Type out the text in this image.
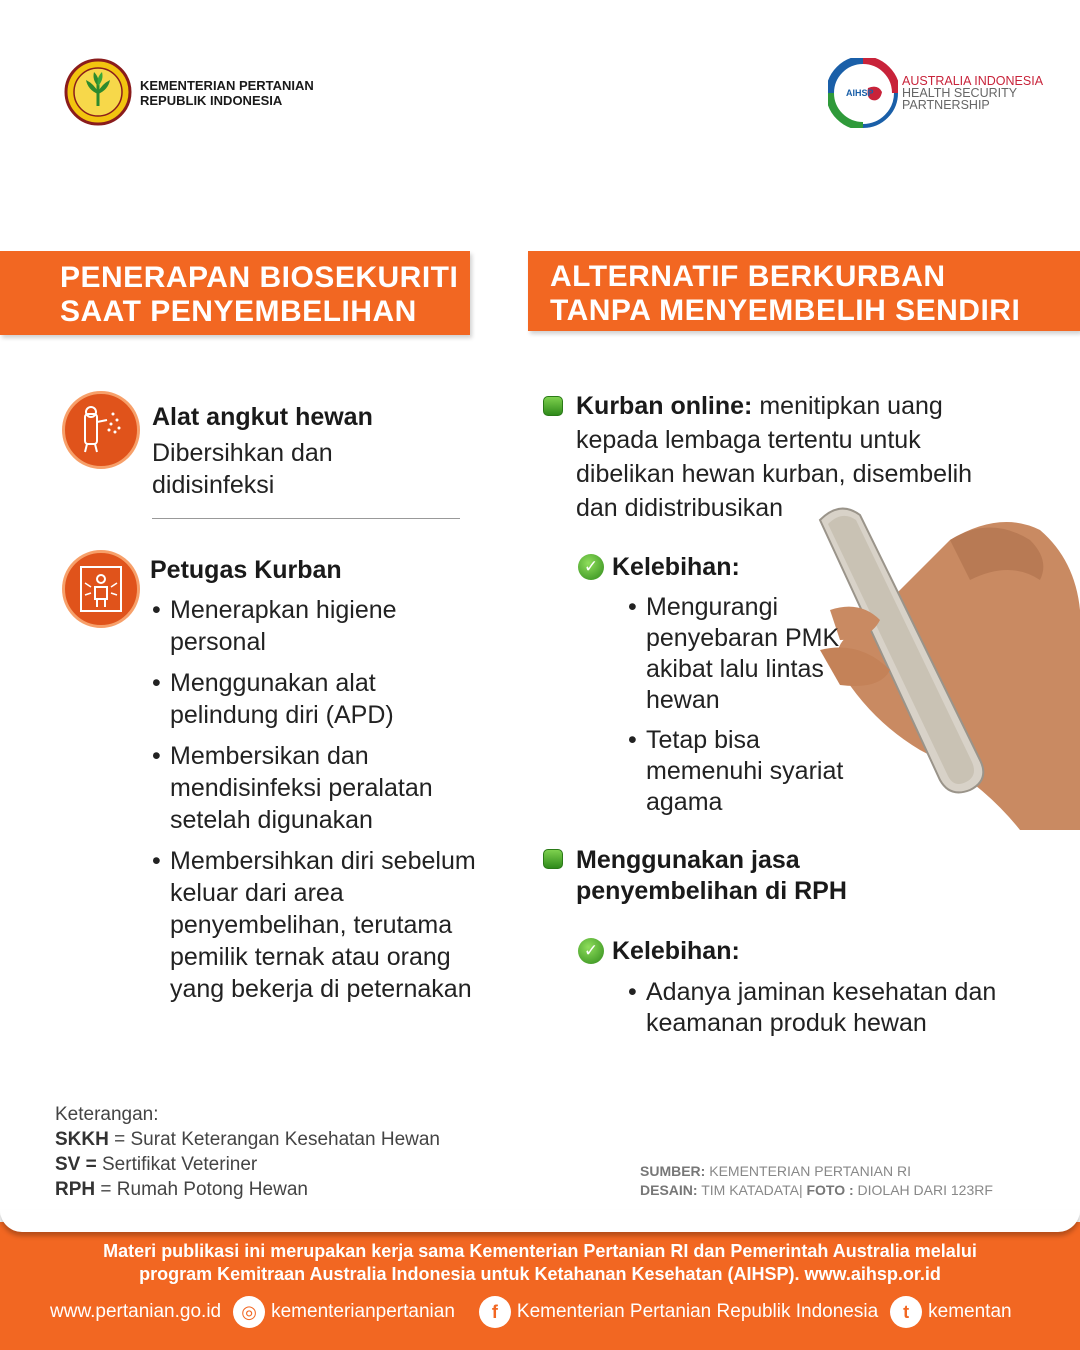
KEMENTERIAN PERTANIAN
REPUBLIK INDONESIA	AIHSP
AUSTRALIA INDONESIA
HEALTH SECURITY
PARTNERSHIP
PENERAPAN BIOSEKURITI
SAAT PENYEMBELIHAN
ALTERNATIF BERKURBAN
TANPA MENYEMBELIH SENDIRI
Alat angkut hewan
Dibersihkan dan didisinfeksi
Petugas Kurban
• Menerapkan higiene personal
• Menggunakan alat pelindung diri (APD)
• Membersikan dan mendisinfeksi peralatan setelah digunakan
• Membersihkan diri sebelum keluar dari area penyembelihan, terutama pemilik ternak atau orang yang bekerja di peternakan
Kurban online: menitipkan uang kepada lembaga tertentu untuk dibelikan hewan kurban, disembelih dan didistribusikan
✓ Kelebihan:
• Mengurangi penyebaran PMK akibat lalu lintas hewan
• Tetap bisa memenuhi syariat agama
Menggunakan jasa penyembelihan di RPH
✓ Kelebihan:
• Adanya jaminan kesehatan dan keamanan produk hewan
Keterangan:
SKKH = Surat Keterangan Kesehatan Hewan
SV = Sertifikat Veteriner
RPH = Rumah Potong Hewan
SUMBER: KEMENTERIAN PERTANIAN RI
DESAIN: TIM KATADATA| FOTO : DIOLAH DARI 123RF
Materi publikasi ini merupakan kerja sama Kementerian Pertanian RI dan Pemerintah Australia melalui
program Kemitraan Australia Indonesia untuk Ketahanan Kesehatan (AIHSP). www.aihsp.or.id
www.pertanian.go.id	◎ kementerianpertanian	f	Kementerian Pertanian Republik Indonesia	t	kementan
